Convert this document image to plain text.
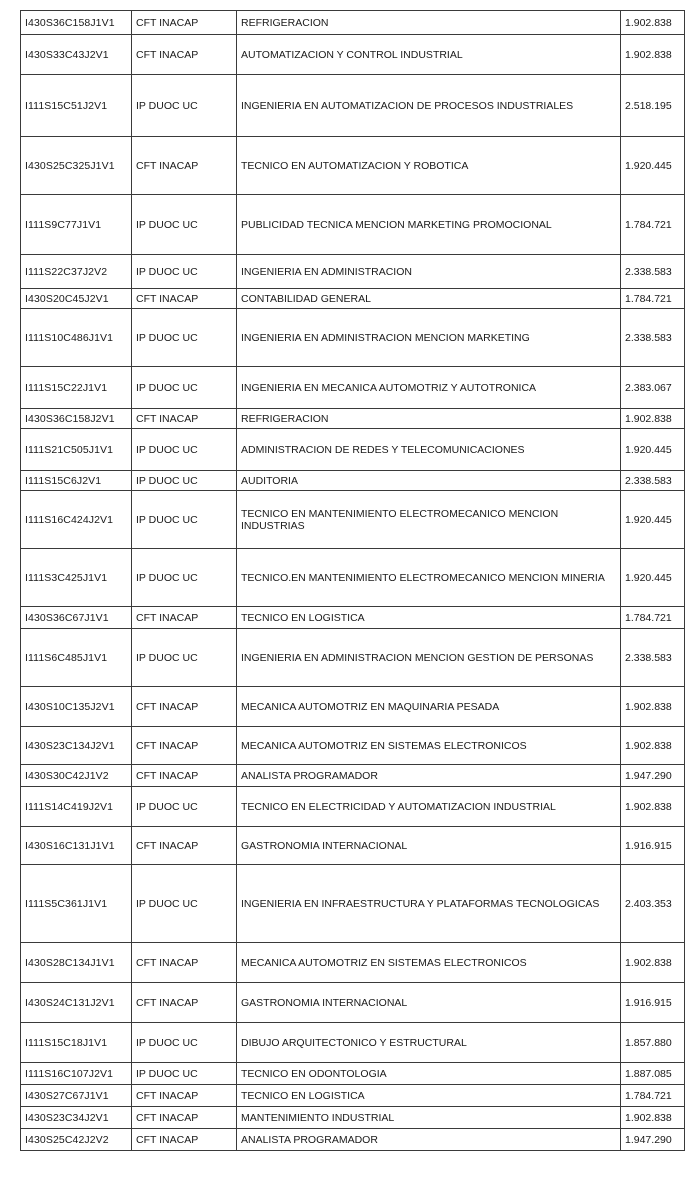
I430S36C158J1V1	CFT INACAP	REFRIGERACION	1.902.838
I430S33C43J2V1	CFT INACAP	AUTOMATIZACION Y CONTROL INDUSTRIAL	1.902.838
I111S15C51J2V1	IP DUOC UC	INGENIERIA EN AUTOMATIZACION DE PROCESOS INDUSTRIALES	2.518.195
I430S25C325J1V1	CFT INACAP	TECNICO EN AUTOMATIZACION Y ROBOTICA	1.920.445
I111S9C77J1V1	IP DUOC UC	PUBLICIDAD TECNICA MENCION MARKETING PROMOCIONAL	1.784.721
I111S22C37J2V2	IP DUOC UC	INGENIERIA EN ADMINISTRACION	2.338.583
I430S20C45J2V1	CFT INACAP	CONTABILIDAD GENERAL	1.784.721
I111S10C486J1V1	IP DUOC UC	INGENIERIA EN ADMINISTRACION MENCION MARKETING	2.338.583
I111S15C22J1V1	IP DUOC UC	INGENIERIA EN MECANICA AUTOMOTRIZ Y AUTOTRONICA	2.383.067
I430S36C158J2V1	CFT INACAP	REFRIGERACION	1.902.838
I111S21C505J1V1	IP DUOC UC	ADMINISTRACION DE REDES Y TELECOMUNICACIONES	1.920.445
I111S15C6J2V1	IP DUOC UC	AUDITORIA	2.338.583
I111S16C424J2V1	IP DUOC UC	TECNICO EN MANTENIMIENTO ELECTROMECANICO MENCION INDUSTRIAS	1.920.445
I111S3C425J1V1	IP DUOC UC	TECNICO.EN MANTENIMIENTO ELECTROMECANICO MENCION MINERIA	1.920.445
I430S36C67J1V1	CFT INACAP	TECNICO EN LOGISTICA	1.784.721
I111S6C485J1V1	IP DUOC UC	INGENIERIA EN ADMINISTRACION MENCION GESTION DE PERSONAS	2.338.583
I430S10C135J2V1	CFT INACAP	MECANICA AUTOMOTRIZ EN MAQUINARIA PESADA	1.902.838
I430S23C134J2V1	CFT INACAP	MECANICA AUTOMOTRIZ EN SISTEMAS ELECTRONICOS	1.902.838
I430S30C42J1V2	CFT INACAP	ANALISTA PROGRAMADOR	1.947.290
I111S14C419J2V1	IP DUOC UC	TECNICO EN ELECTRICIDAD Y AUTOMATIZACION INDUSTRIAL	1.902.838
I430S16C131J1V1	CFT INACAP	GASTRONOMIA INTERNACIONAL	1.916.915
I111S5C361J1V1	IP DUOC UC	INGENIERIA EN INFRAESTRUCTURA Y PLATAFORMAS TECNOLOGICAS	2.403.353
I430S28C134J1V1	CFT INACAP	MECANICA AUTOMOTRIZ EN SISTEMAS ELECTRONICOS	1.902.838
I430S24C131J2V1	CFT INACAP	GASTRONOMIA INTERNACIONAL	1.916.915
I111S15C18J1V1	IP DUOC UC	DIBUJO ARQUITECTONICO Y ESTRUCTURAL	1.857.880
I111S16C107J2V1	IP DUOC UC	TECNICO EN ODONTOLOGIA	1.887.085
I430S27C67J1V1	CFT INACAP	TECNICO EN LOGISTICA	1.784.721
I430S23C34J2V1	CFT INACAP	MANTENIMIENTO INDUSTRIAL	1.902.838
I430S25C42J2V2	CFT INACAP	ANALISTA PROGRAMADOR	1.947.290
